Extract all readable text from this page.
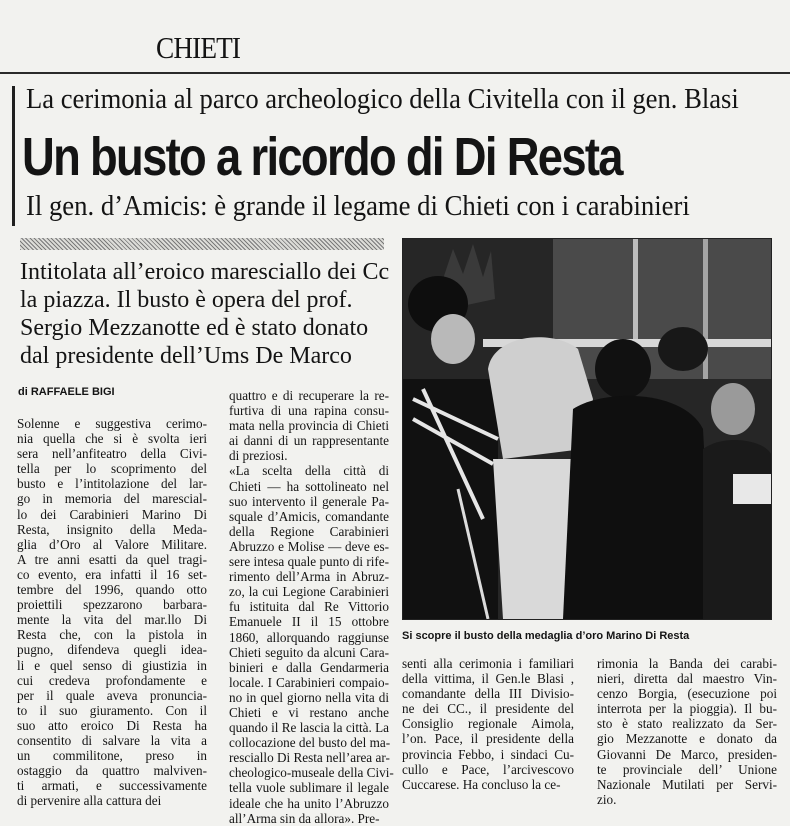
CHIETI
La cerimonia al parco archeologico della Civitella con il gen. Blasi
Un busto a ricordo di Di Resta
Il gen. d’Amicis: è grande il legame di Chieti con i carabinieri
Intitolata all’eroico maresciallo dei Cc
la piazza. Il busto è opera del prof.
Sergio Mezzanotte ed è stato donato
dal presidente dell’Ums De Marco
di RAFFAELE BIGI
Solenne e suggestiva cerimo-
nia quella che si è svolta ieri
sera nell’anfiteatro della Civi-
tella per lo scoprimento del
busto e l’intitolazione del lar-
go in memoria del marescial-
lo dei Carabinieri Marino Di
Resta, insignito della Meda-
glia d’Oro al Valore Militare.
A tre anni esatti da quel tragi-
co evento, era infatti il 16 set-
tembre del 1996, quando otto
proiettili spezzarono barbara-
mente la vita del mar.llo Di
Resta che, con la pistola in
pugno, difendeva quegli idea-
li e quel senso di giustizia in
cui credeva profondamente e
per il quale aveva pronuncia-
to il suo giuramento. Con il
suo atto eroico Di Resta ha
consentito di salvare la vita a
un commilitone, preso in
ostaggio da quattro malviven-
ti armati, e successivamente
di pervenire alla cattura dei
quattro e di recuperare la re-
furtiva di una rapina consu-
mata nella provincia di Chieti
ai danni di un rappresentante
di preziosi.
«La scelta della città di
Chieti — ha sottolineato nel
suo intervento il generale Pa-
squale d’Amicis, comandante
della Regione Carabinieri
Abruzzo e Molise — deve es-
sere intesa quale punto di rife-
rimento dell’Arma in Abruz-
zo, la cui Legione Carabinieri
fu istituita dal Re Vittorio
Emanuele II il 15 ottobre
1860, allorquando raggiunse
Chieti seguito da alcuni Cara-
binieri e dalla Gendarmeria
locale. I Carabinieri compaio-
no in quel giorno nella vita di
Chieti e vi restano anche
quando il Re lascia la città. La
collocazione del busto del ma-
resciallo Di Resta nell’area ar-
cheologico-museale della Civi-
tella vuole sublimare il legale
ideale che ha unito l’Abruzzo
all’Arma sin da allora». Pre-
senti alla cerimonia i familiari
della vittima, il Gen.le Blasi ,
comandante della III Divisio-
ne dei CC., il presidente del
Consiglio regionale Aimola,
l’on. Pace, il presidente della
provincia Febbo, i sindaci Cu-
cullo e Pace, l’arcivescovo
Cuccarese. Ha concluso la ce-
rimonia la Banda dei carabi-
nieri, diretta dal maestro Vin-
cenzo Borgia, (esecuzione poi
interrota per la pioggia). Il bu-
sto è stato realizzato da Ser-
gio Mezzanotte e donato da
Giovanni De Marco, presiden-
te provinciale dell’ Unione
Nazionale Mutilati per Servi-
zio.
Si scopre il busto della medaglia d’oro Marino Di Resta
